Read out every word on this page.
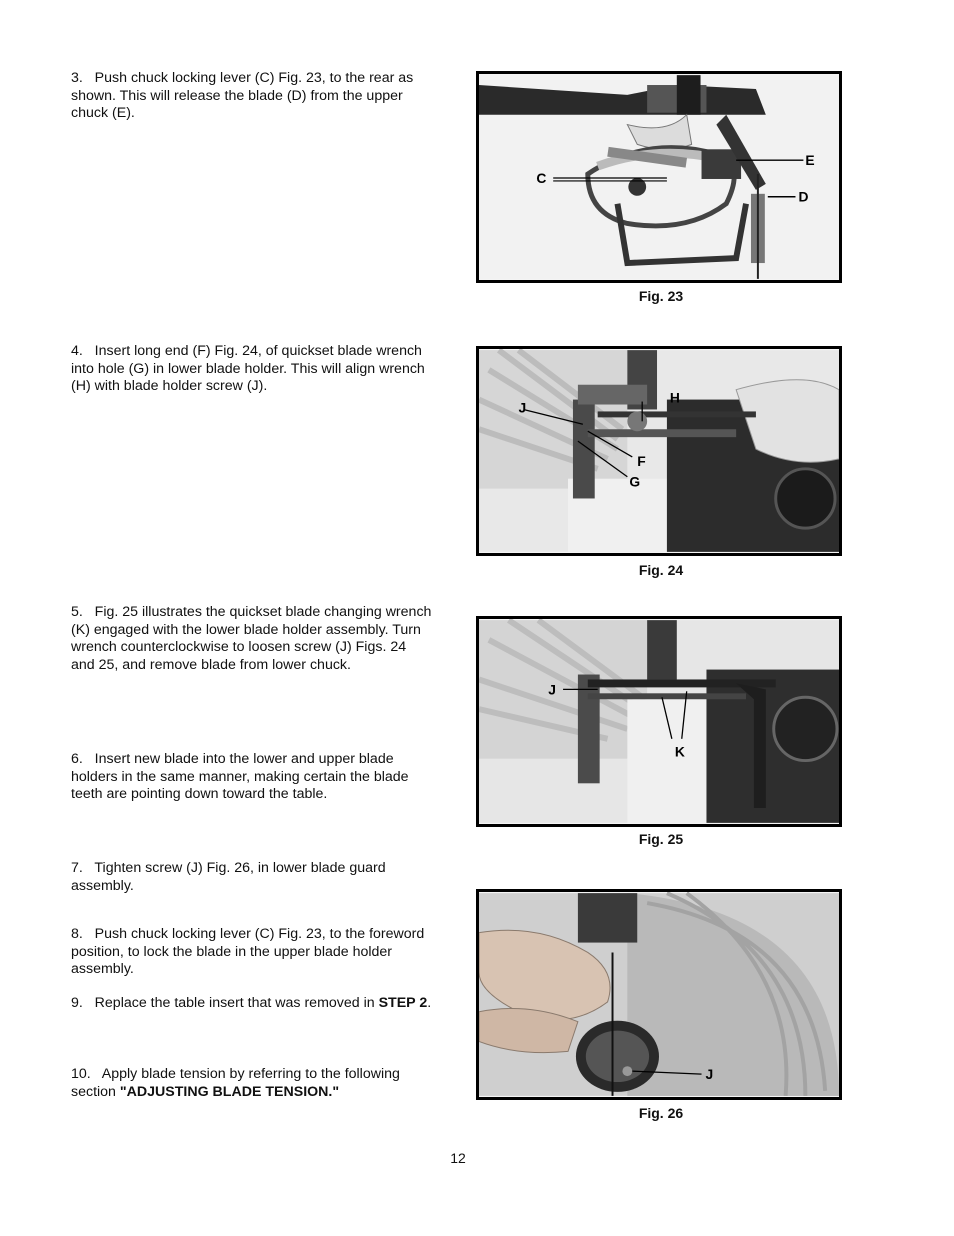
3. Push chuck locking lever (C) Fig. 23, to the rear as shown. This will release the blade (D) from the upper chuck (E).

4. Insert long end (F) Fig. 24, of quickset blade wrench into hole (G) in lower blade holder. This will align wrench (H) with blade holder screw (J).

5. Fig. 25 illustrates the quickset blade changing wrench (K) engaged with the lower blade holder assembly. Turn wrench counterclockwise to loosen screw (J) Figs. 24 and 25, and remove blade from lower chuck.

6. Insert new blade into the lower and upper blade holders in the same manner, making certain the blade teeth are pointing down toward the table.

7. Tighten screw (J) Fig. 26, in lower blade guard assembly.

8. Push chuck locking lever (C) Fig. 23, to the foreword position, to lock the blade in the upper blade holder assembly.

9. Replace the table insert that was removed in STEP 2.

10. Apply blade tension by referring to the following section "ADJUSTING BLADE TENSION."

C
E
D
Fig. 23
J
H
F
G
Fig. 24
J
K
Fig. 25
J
Fig. 26
12
